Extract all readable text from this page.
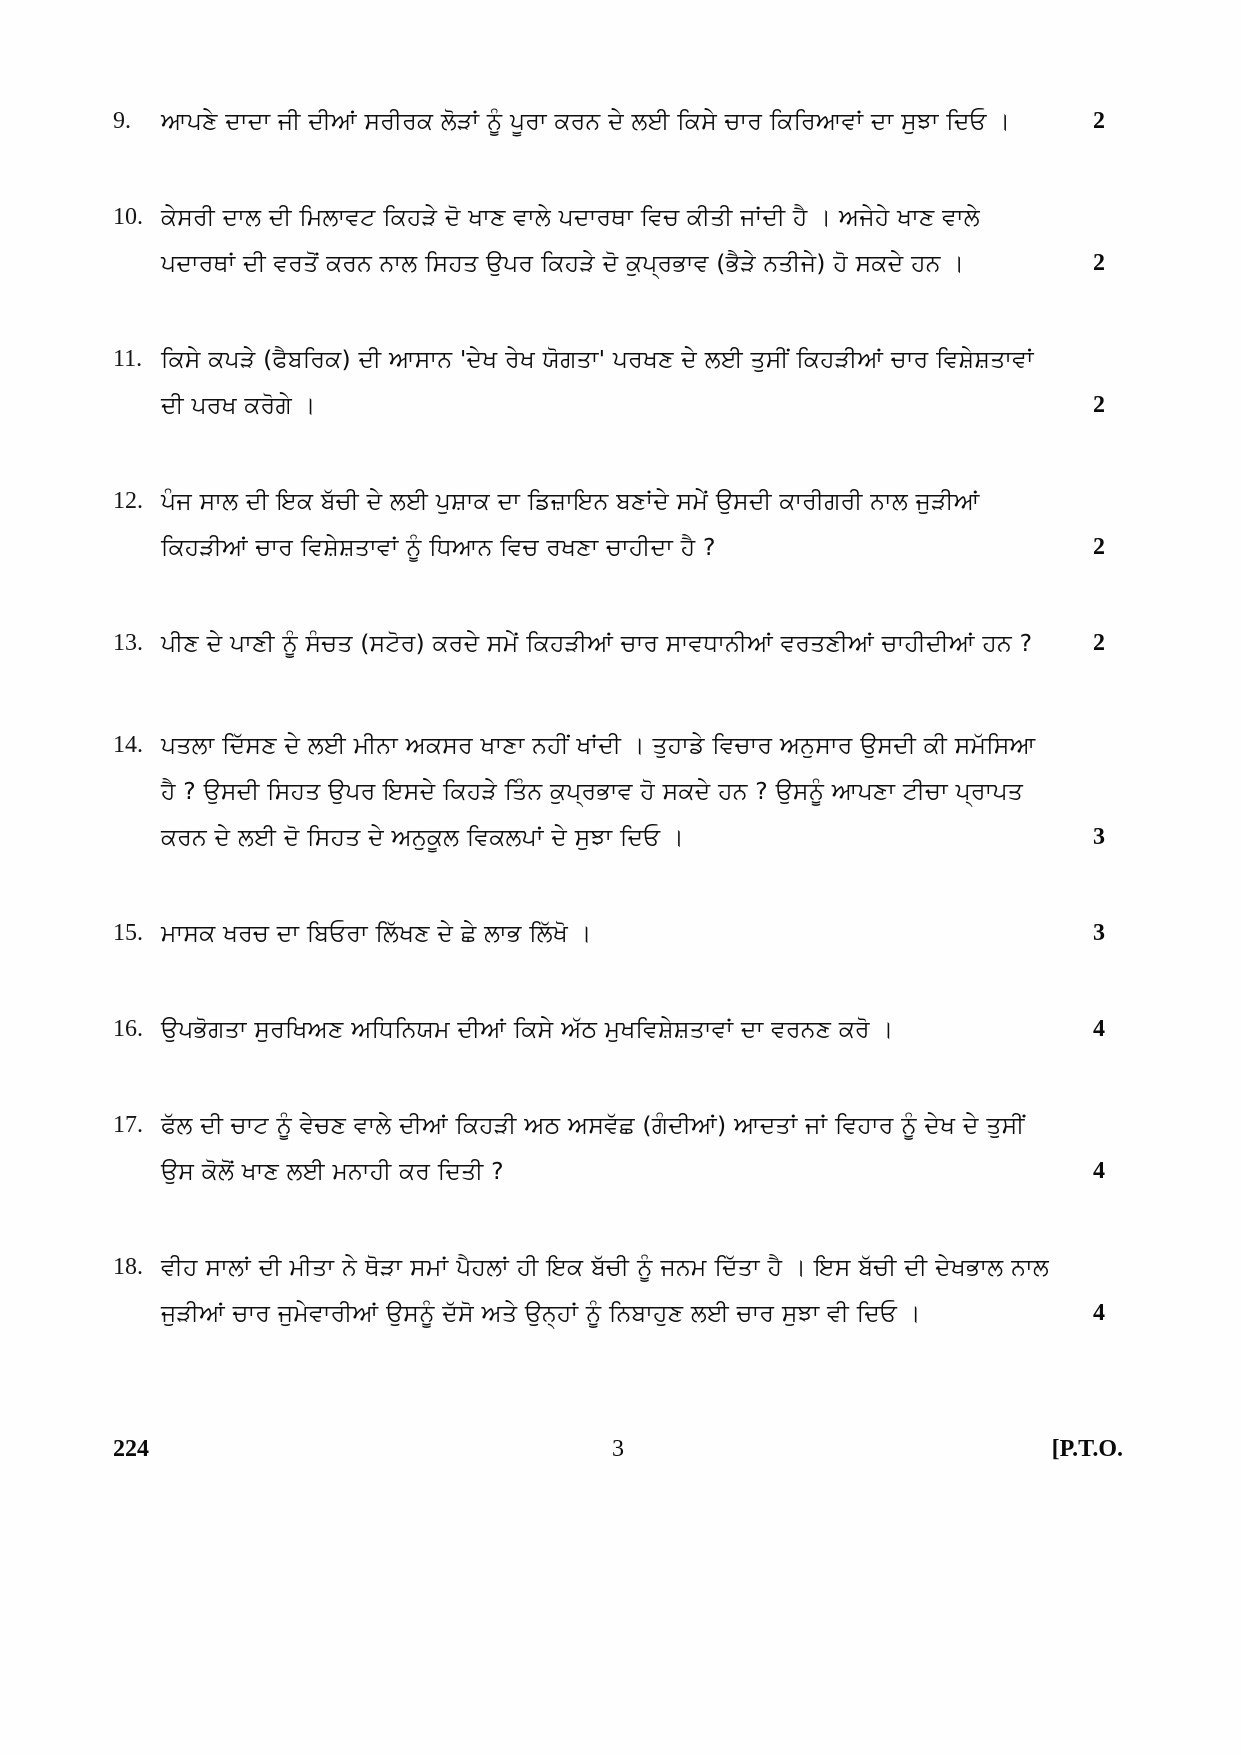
9.	ਆਪਣੇ ਦਾਦਾ ਜੀ ਦੀਆਂ ਸਰੀਰਕ ਲੋੜਾਂ ਨੂੰ ਪੂਰਾ ਕਰਨ ਦੇ ਲਈ ਕਿਸੇ ਚਾਰ ਕਿਰਿਆਵਾਂ ਦਾ ਸੁਝਾ ਦਿਓ ।	2
10. ਕੇਸਰੀ ਦਾਲ ਦੀ ਮਿਲਾਵਟ ਕਿਹੜੇ ਦੋ ਖਾਣ ਵਾਲੇ ਪਦਾਰਥਾ ਵਿਚ ਕੀਤੀ ਜਾਂਦੀ ਹੈ । ਅਜੇਹੇ ਖਾਣ ਵਾਲੇ ਪਦਾਰਥਾਂ ਦੀ ਵਰਤੋਂ ਕਰਨ ਨਾਲ ਸਿਹਤ ਉਪਰ ਕਿਹੜੇ ਦੋ ਕੁਪ੍ਰਭਾਵ (ਭੈੜੇ ਨਤੀਜੇ) ਹੋ ਸਕਦੇ ਹਨ ।	2
11. ਕਿਸੇ ਕਪੜੇ (ਫੈਬਰਿਕ) ਦੀ ਆਸਾਨ 'ਦੇਖ ਰੇਖ ਯੋਗਤਾ' ਪਰਖਣ ਦੇ ਲਈ ਤੁਸੀਂ ਕਿਹੜੀਆਂ ਚਾਰ ਵਿਸ਼ੇਸ਼ਤਾਵਾਂ ਦੀ ਪਰਖ ਕਰੋਗੇ ।	2
12. ਪੰਜ ਸਾਲ ਦੀ ਇਕ ਬੱਚੀ ਦੇ ਲਈ ਪੁਸ਼ਾਕ ਦਾ ਡਿਜ਼ਾਇਨ ਬਣਾਂਦੇ ਸਮੇਂ ਉਸਦੀ ਕਾਰੀਗਰੀ ਨਾਲ ਜੁੜੀਆਂ ਕਿਹੜੀਆਂ ਚਾਰ ਵਿਸ਼ੇਸ਼ਤਾਵਾਂ ਨੂੰ ਧਿਆਨ ਵਿਚ ਰਖਣਾ ਚਾਹੀਦਾ ਹੈ ?	2
13. ਪੀਣ ਦੇ ਪਾਣੀ ਨੂੰ ਸੰਚਤ (ਸਟੋਰ) ਕਰਦੇ ਸਮੇਂ ਕਿਹੜੀਆਂ ਚਾਰ ਸਾਵਧਾਨੀਆਂ ਵਰਤਣੀਆਂ ਚਾਹੀਦੀਆਂ ਹਨ ?	2
14. ਪਤਲਾ ਦਿੱਸਣ ਦੇ ਲਈ ਮੀਨਾ ਅਕਸਰ ਖਾਣਾ ਨਹੀਂ ਖਾਂਦੀ । ਤੁਹਾਡੇ ਵਿਚਾਰ ਅਨੁਸਾਰ ਉਸਦੀ ਕੀ ਸਮੱਸਿਆ ਹੈ ? ਉਸਦੀ ਸਿਹਤ ਉਪਰ ਇਸਦੇ ਕਿਹੜੇ ਤਿੰਨ ਕੁਪ੍ਰਭਾਵ ਹੋ ਸਕਦੇ ਹਨ ? ਉਸਨੂੰ ਆਪਣਾ ਟੀਚਾ ਪ੍ਰਾਪਤ ਕਰਨ ਦੇ ਲਈ ਦੋ ਸਿਹਤ ਦੇ ਅਨੁਕੂਲ ਵਿਕਲਪਾਂ ਦੇ ਸੁਝਾ ਦਿਓ ।	3
15. ਮਾਸਕ ਖਰਚ ਦਾ ਬਿਓਰਾ ਲਿੱਖਣ ਦੇ ਛੇ ਲਾਭ ਲਿੱਖੋ ।	3
16. ਉਪਭੋਗਤਾ ਸੁਰਖਿਅਣ ਅਧਿਨਿਯਮ ਦੀਆਂ ਕਿਸੇ ਅੱਠ ਮੁਖਵਿਸ਼ੇਸ਼ਤਾਵਾਂ ਦਾ ਵਰਨਣ ਕਰੋ ।	4
17. ਫੱਲ ਦੀ ਚਾਟ ਨੂੰ ਵੇਚਣ ਵਾਲੇ ਦੀਆਂ ਕਿਹੜੀ ਅਠ ਅਸਵੱਛ (ਗੰਦੀਆਂ) ਆਦਤਾਂ ਜਾਂ ਵਿਹਾਰ ਨੂੰ ਦੇਖ ਦੇ ਤੁਸੀਂ ਉਸ ਕੋਲੋਂ ਖਾਣ ਲਈ ਮਨਾਹੀ ਕਰ ਦਿਤੀ ?	4
18. ਵੀਹ ਸਾਲਾਂ ਦੀ ਮੀਤਾ ਨੇ ਥੋੜਾ ਸਮਾਂ ਪੈਹਲਾਂ ਹੀ ਇਕ ਬੱਚੀ ਨੂੰ ਜਨਮ ਦਿੱਤਾ ਹੈ । ਇਸ ਬੱਚੀ ਦੀ ਦੇਖਭਾਲ ਨਾਲ ਜੁੜੀਆਂ ਚਾਰ ਜੁਮੇਵਾਰੀਆਂ ਉਸਨੂੰ ਦੱਸੋ ਅਤੇ ਉਨ੍ਹਾਂ ਨੂੰ ਨਿਬਾਹੁਣ ਲਈ ਚਾਰ ਸੁਝਾ ਵੀ ਦਿਓ ।	4
224	3	[P.T.O.
